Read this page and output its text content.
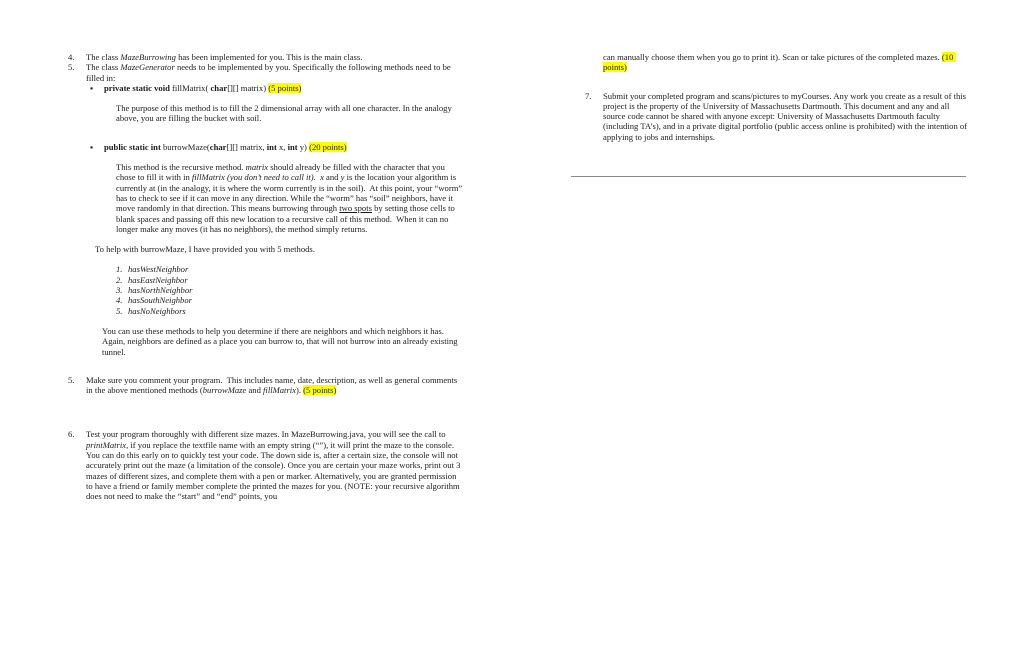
4. The class MazeBurrowing has been implemented for you. This is the main class.
5. The class MazeGenerator needs to be implemented by you. Specifically the following methods need to be filled in:
▪ private static void fillMatrix( char[][] matrix) (5 points)
The purpose of this method is to fill the 2 dimensional array with all one character. In the analogy above, you are filling the bucket with soil.
▪ public static int burrowMaze(char[][] matrix, int x, int y) (20 points)
This method is the recursive method. matrix should already be filled with the character that you chose to fill it with in fillMatrix (you don’t need to call it). x and y is the location your algorithm is currently at (in the analogy, it is where the worm currently is in the soil).  At this point, your “worm” has to check to see if it can move in any direction. While the “worm” has “soil” neighbors, have it move randomly in that direction. This means burrowing through two spots by setting those cells to blank spaces and passing off this new location to a recursive call of this method.  When it can no longer make any moves (it has no neighbors), the method simply returns.
To help with burrowMaze, I have provided you with 5 methods.
1. hasWestNeighbor
2. hasEastNeighbor
3. hasNorthNeighbor
4. hasSouthNeighbor
5. hasNoNeighbors
You can use these methods to help you determine if there are neighbors and which neighbors it has. Again, neighbors are defined as a place you can burrow to, that will not burrow into an already existing tunnel.
5. Make sure you comment your program.  This includes name, date, description, as well as general comments in the above mentioned methods (burrowMaze and fillMatrix). (5 points)
6. Test your program thoroughly with different size mazes. In MazeBurrowing.java, you will see the call to printMatrix, if you replace the textfile name with an empty string (“”), it will print the maze to the console. You can do this early on to quickly test your code. The down side is, after a certain size, the console will not accurately print out the maze (a limitation of the console). Once you are certain your maze works, print out 3 mazes of different sizes, and complete them with a pen or marker. Alternatively, you are granted permission to have a friend or family member complete the printed the mazes for you. (NOTE: your recursive algorithm does not need to make the “start” and “end” points, you
can manually choose them when you go to print it). Scan or take pictures of the completed mazes. (10 points)
7. Submit your completed program and scans/pictures to myCourses. Any work you create as a result of this project is the property of the University of Massachusetts Dartmouth. This document and any and all source code cannot be shared with anyone except: University of Massachusetts Dartmouth faculty (including TA’s), and in a private digital portfolio (public access online is prohibited) with the intention of applying to jobs and internships.
